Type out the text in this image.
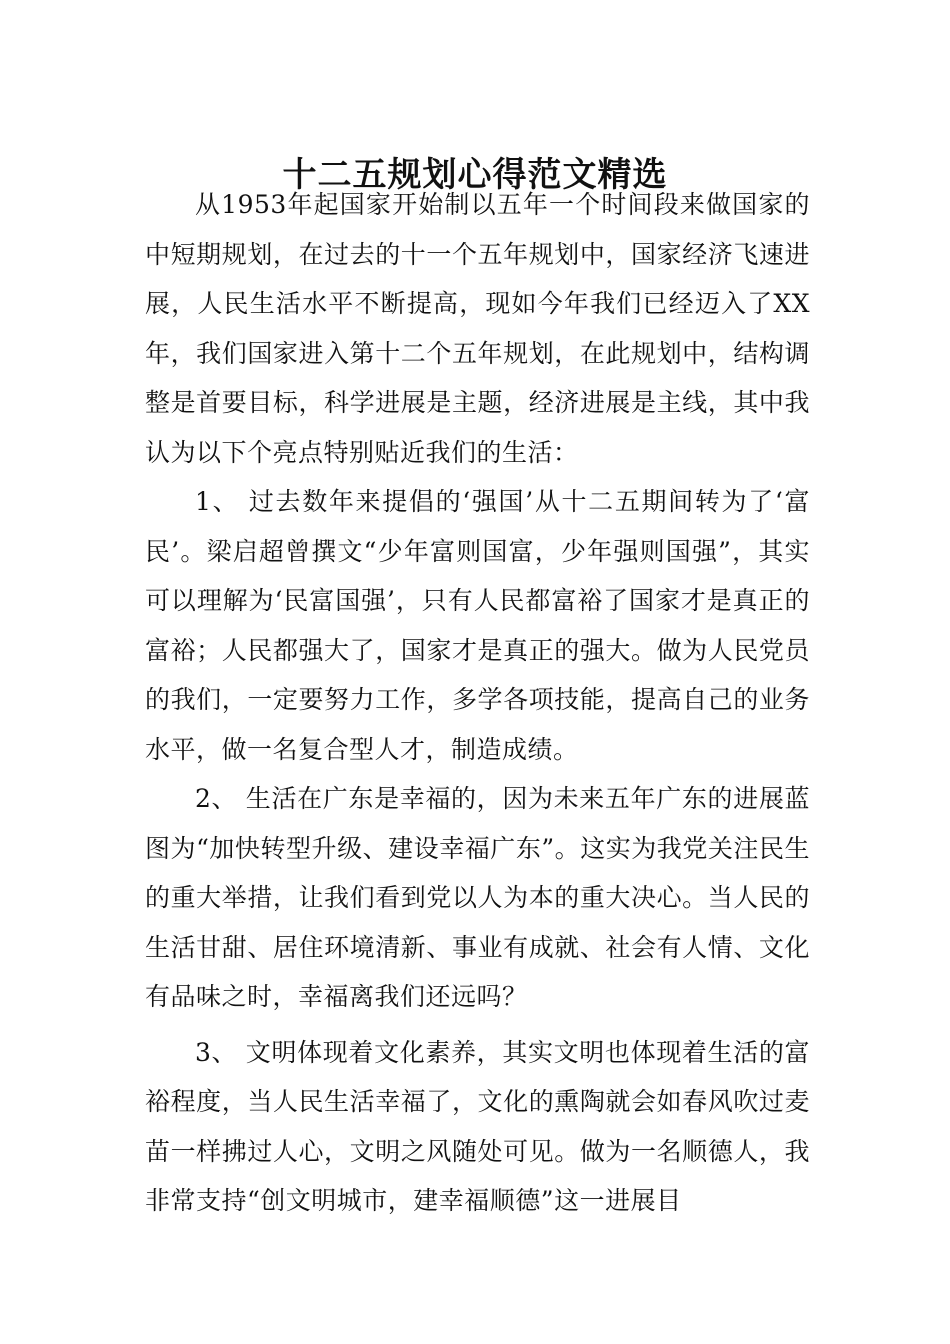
十二五规划心得范文精选

从1953年起国家开始制以五年一个时间段来做国家的中短期规划，在过去的十一个五年规划中，国家经济飞速进展，人民生活水平不断提高，现如今年我们已经迈入了XX年，我们国家进入第十二个五年规划，在此规划中，结构调整是首要目标，科学进展是主题，经济进展是主线，其中我认为以下个亮点特别贴近我们的生活：

1、 过去数年来提倡的‘强国’从十二五期间转为了‘富民’。梁启超曾撰文“少年富则国富，少年强则国强”，其实可以理解为‘民富国强’，只有人民都富裕了国家才是真正的富裕；人民都强大了，国家才是真正的强大。做为人民党员的我们，一定要努力工作，多学各项技能，提高自己的业务水平，做一名复合型人才，制造成绩。

2、 生活在广东是幸福的，因为未来五年广东的进展蓝图为“加快转型升级、建设幸福广东”。这实为我党关注民生的重大举措，让我们看到党以人为本的重大决心。当人民的生活甘甜、居住环境清新、事业有成就、社会有人情、文化有品味之时，幸福离我们还远吗？

3、 文明体现着文化素养，其实文明也体现着生活的富裕程度，当人民生活幸福了，文化的熏陶就会如春风吹过麦苗一样拂过人心，文明之风随处可见。做为一名顺德人，我非常支持“创文明城市，建幸福顺德”这一进展目
